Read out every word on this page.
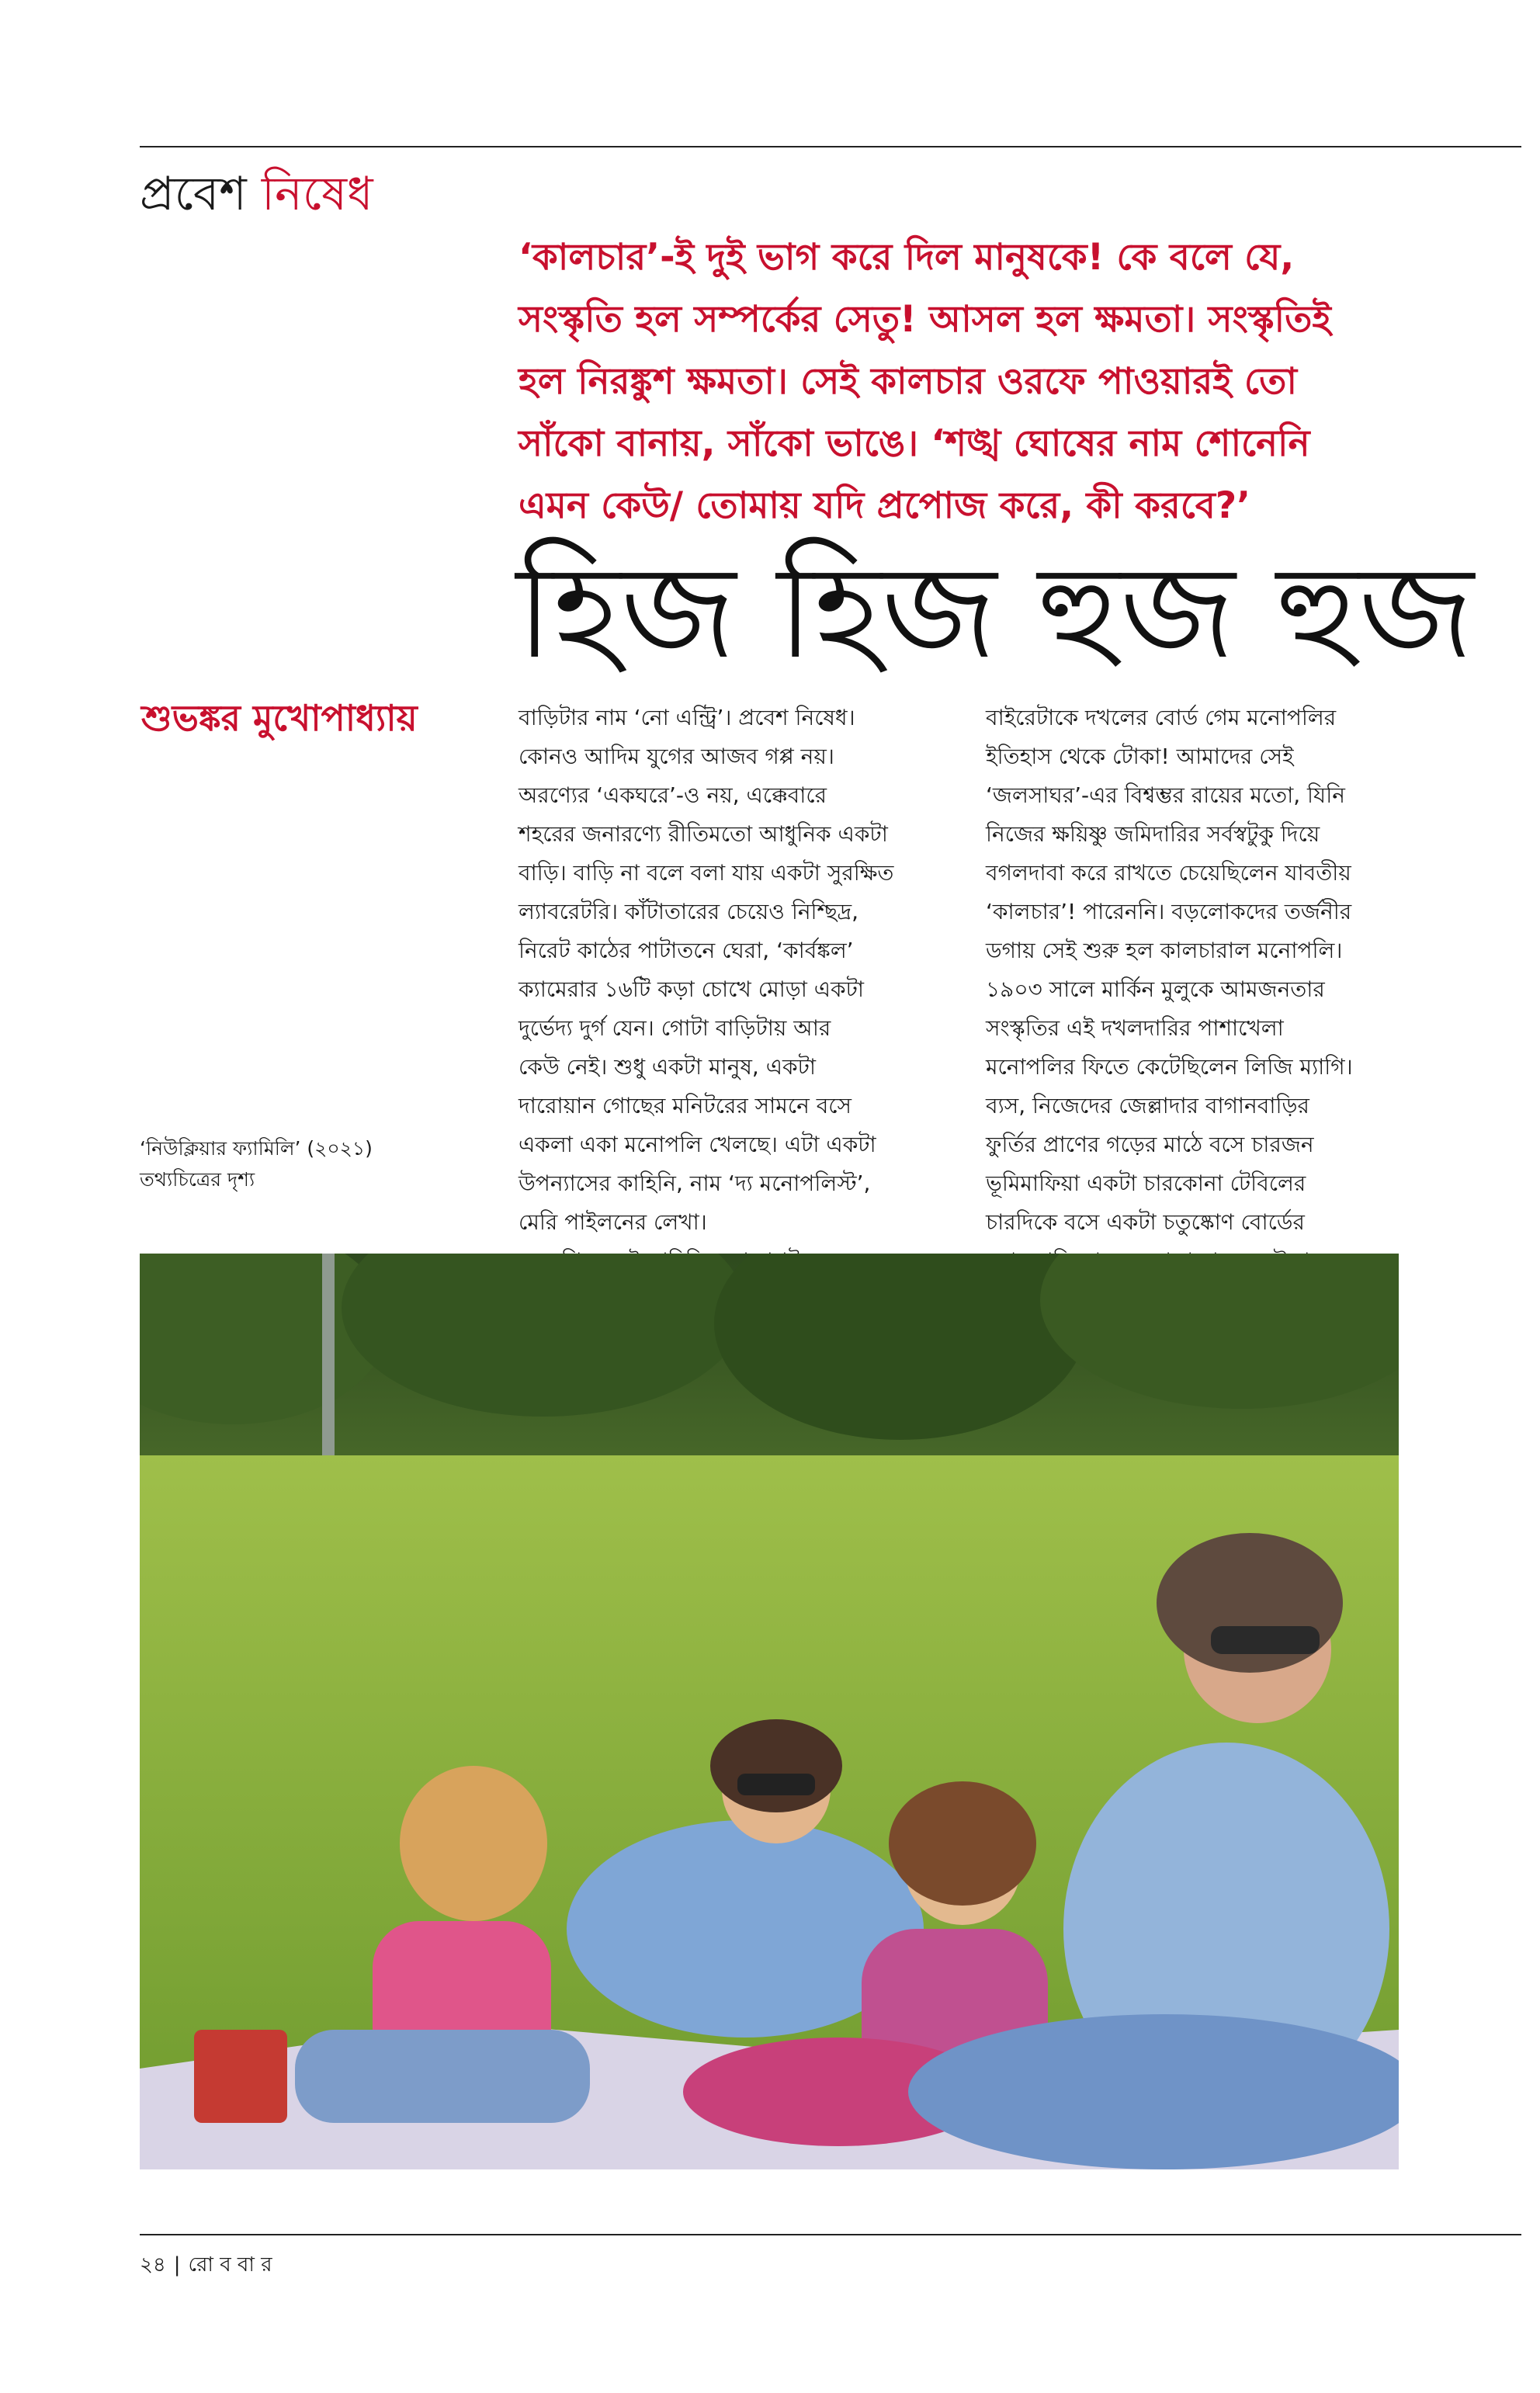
প্রবেশ নিষেধ

‘কালচার’-ই দুই ভাগ করে দিল মানুষকে! কে বলে যে,

সংস্কৃতি হল সম্পর্কের সেতু! আসল হল ক্ষমতা। সংস্কৃতিই

হল নিরঙ্কুশ ক্ষমতা। সেই কালচার ওরফে পাওয়ারই তো

সাঁকো বানায়, সাঁকো ভাঙে। ‘শঙ্খ ঘোষের নাম শোনেনি

এমন কেউ/ তোমায় যদি প্রপোজ করে, কী করবে?’

হিজ হিজ হুজ হুজ
শুভঙ্কর মুখোপাধ্যায়	বাড়িটার নাম ‘নো এন্ট্রি’। প্রবেশ নিষেধ।

কোনও আদিম যুগের আজব গপ্প নয়।

অরণ্যের ‘একঘরে’-ও নয়, এক্কেবারে

শহরের জনারণ্যে রীতিমতো আধুনিক একটা

বাড়ি। বাড়ি না বলে বলা যায় একটা সুরক্ষিত

ল্যাবরেটরি। কাঁটাতারের চেয়েও নিশ্ছিদ্র,

নিরেট কাঠের পাটাতনে ঘেরা, ‘কার্বঙ্কল’

ক্যামেরার ১৬টি কড়া চোখে মোড়া একটা

দুর্ভেদ্য দুর্গ যেন। গোটা বাড়িটায় আর

কেউ নেই। শুধু একটা মানুষ, একটা

দারোয়ান গোছের মনিটরের সামনে বসে

একলা একা মনোপলি খেলছে। এটা একটা

উপন্যাসের কাহিনি, নাম ‘দ্য মনোপলিস্ট’,

মেরি পাইলনের লেখা।

বাইরেটাকে দখলের বোর্ড গেম মনোপলির

ইতিহাস থেকে টোকা! আমাদের সেই

‘জলসাঘর’-এর বিশ্বম্ভর রায়ের মতো, যিনি

নিজের ক্ষয়িষ্ণু জমিদারির সর্বস্বটুকু দিয়ে

বগলদাবা করে রাখতে চেয়েছিলেন যাবতীয়

‘কালচার’! পারেননি। বড়লোকদের তর্জনীর

ডগায় সেই শুরু হল কালচারাল মনোপলি।

১৯০৩ সালে মার্কিন মুলুকে আমজনতার

সংস্কৃতির এই দখলদারির পাশাখেলা

মনোপলির ফিতে কেটেছিলেন লিজি ম্যাগি।

ব্যস, নিজেদের জেল্লাদার বাগানবাড়ির

ফুর্তির প্রাণের গড়ের মাঠে বসে চারজন

ভূমিমাফিয়া একটা চারকোনা টেবিলের

চারদিকে বসে একটা চতুষ্কোণ বোর্ডের

‘নিউক্লিয়ার ফ্যামিলি’ (২০২১)

তথ্যচিত্রের দৃশ্য

২৪ | রো ব বা র
